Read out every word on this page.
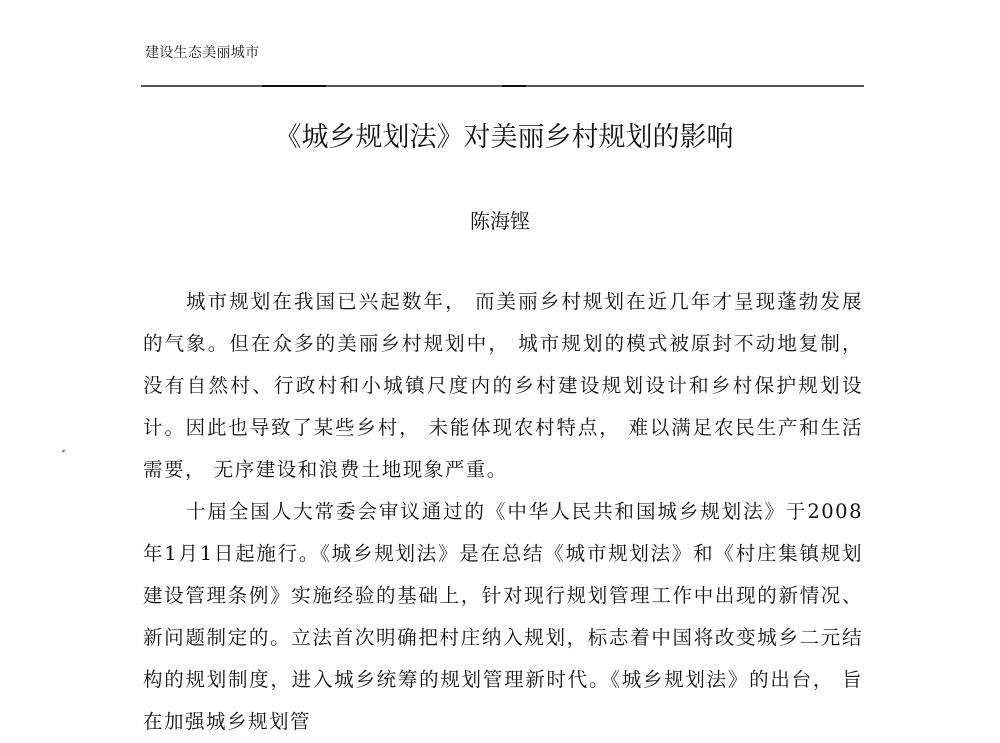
建设生态美丽城市
《城乡规划法》对美丽乡村规划的影响
陈海铿

城市规划在我国已兴起数年， 而美丽乡村规划在近几年才呈现蓬勃发展的气象。但在众多的美丽乡村规划中， 城市规划的模式被原封不动地复制， 没有自然村、行政村和小城镇尺度内的乡村建设规划设计和乡村保护规划设计。因此也导致了某些乡村， 未能体现农村特点， 难以满足农民生产和生活需要， 无序建设和浪费土地现象严重。

十届全国人大常委会审议通过的《中华人民共和国城乡规划法》于2008年1月1日起施行。《城乡规划法》是在总结《城市规划法》和《村庄集镇规划建设管理条例》实施经验的基础上，针对现行规划管理工作中出现的新情况、新问题制定的。立法首次明确把村庄纳入规划，标志着中国将改变城乡二元结构的规划制度，进入城乡统筹的规划管理新时代。《城乡规划法》的出台， 旨在加强城乡规划管
